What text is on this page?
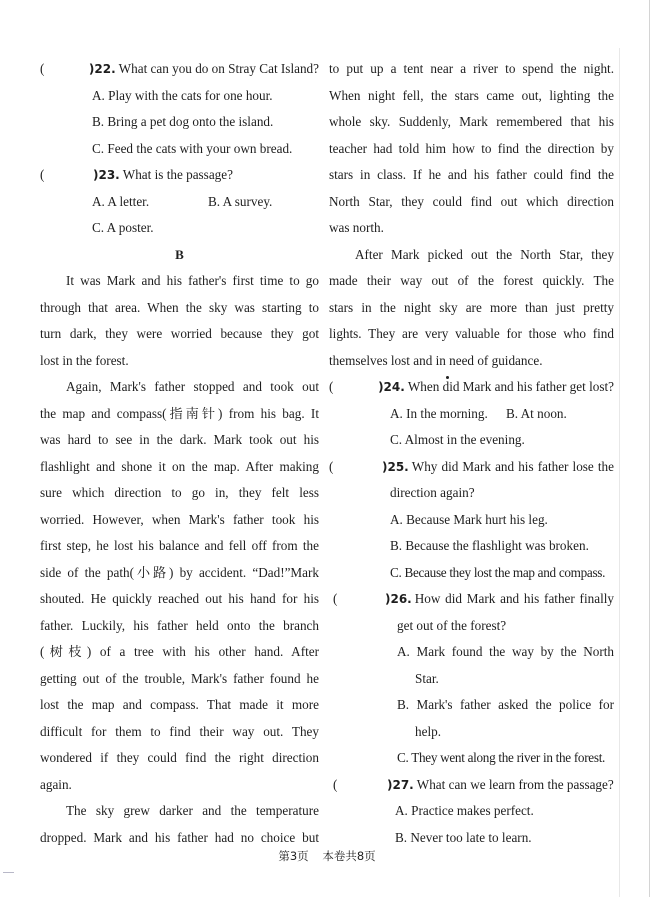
(	)22. What can you do on Stray Cat Island?
A. Play with the cats for one hour.
B. Bring a pet dog onto the island.
C. Feed the cats with your own bread.
(	)23. What is the passage?
A. A letter.	B. A survey.
C. A poster.
B
It was Mark and his father's first time to go
through that area. When the sky was starting to
turn dark, they were worried because they got
lost in the forest.
Again, Mark's father stopped and took out
the map and compass(指南针) from his bag. It
was hard to see in the dark. Mark took out his
flashlight and shone it on the map. After making
sure which direction to go in, they felt less
worried. However, when Mark's father took his
first step, he lost his balance and fell off from the
side of the path(小路) by accident. “Dad!”Mark
shouted. He quickly reached out his hand for his
father. Luckily, his father held onto the branch
(树枝) of a tree with his other hand. After
getting out of the trouble, Mark's father found he
lost the map and compass. That made it more
difficult for them to find their way out. They
wondered if they could find the right direction
again.
The sky grew darker and the temperature
dropped. Mark and his father had no choice but
to put up a tent near a river to spend the night.
When night fell, the stars came out, lighting the
whole sky. Suddenly, Mark remembered that his
teacher had told him how to find the direction by
stars in class. If he and his father could find the
North Star, they could find out which direction
was north.
After Mark picked out the North Star, they
made their way out of the forest quickly. The
stars in the night sky are more than just pretty
lights. They are very valuable for those who find
themselves lost and in need of guidance.
(	)24. When did Mark and his father get lost?
A. In the morning.	B. At noon.
C. Almost in the evening.
(	)25. Why did Mark and his father lose the
direction again?
A. Because Mark hurt his leg.
B. Because the flashlight was broken.
C. Because they lost the map and compass.
(	)26. How did Mark and his father finally
get out of the forest?
A. Mark found the way by the North
Star.
B. Mark's father asked the police for
help.
C. They went along the river in the forest.
(	)27. What can we learn from the passage?
A. Practice makes perfect.
B. Never too late to learn.
第3页 本卷共8页
